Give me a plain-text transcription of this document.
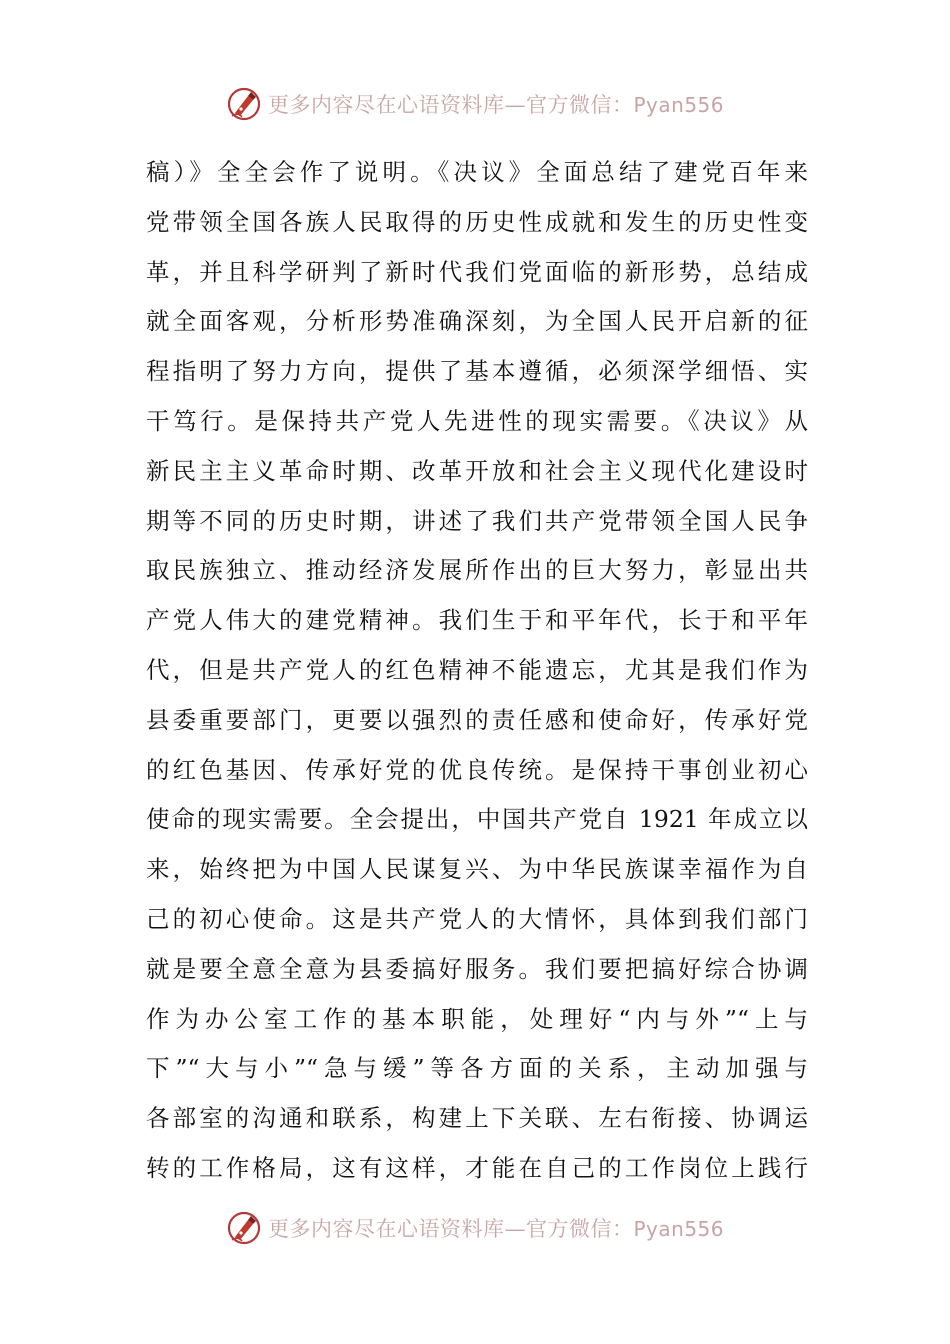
更多内容尽在心语资料库—官方微信：Pyan556
稿）》全全会作了说明。《决议》全面总结了建党百年来
党带领全国各族人民取得的历史性成就和发生的历史性变
革，并且科学研判了新时代我们党面临的新形势，总结成
就全面客观，分析形势准确深刻，为全国人民开启新的征
程指明了努力方向，提供了基本遵循，必须深学细悟、实
干笃行。是保持共产党人先进性的现实需要。《决议》从
新民主主义革命时期、改革开放和社会主义现代化建设时
期等不同的历史时期，讲述了我们共产党带领全国人民争
取民族独立、推动经济发展所作出的巨大努力，彰显出共
产党人伟大的建党精神。我们生于和平年代，长于和平年
代，但是共产党人的红色精神不能遗忘，尤其是我们作为
县委重要部门，更要以强烈的责任感和使命好，传承好党
的红色基因、传承好党的优良传统。是保持干事创业初心
使命的现实需要。全会提出，中国共产党自 1921 年成立以
来，始终把为中国人民谋复兴、为中华民族谋幸福作为自
己的初心使命。这是共产党人的大情怀，具体到我们部门
就是要全意全意为县委搞好服务。我们要把搞好综合协调
作为办公室工作的基本职能，处理好“内与外”“上与
下”“大与小”“急与缓”等各方面的关系，主动加强与
各部室的沟通和联系，构建上下关联、左右衔接、协调运
转的工作格局，这有这样，才能在自己的工作岗位上践行
更多内容尽在心语资料库—官方微信：Pyan556
